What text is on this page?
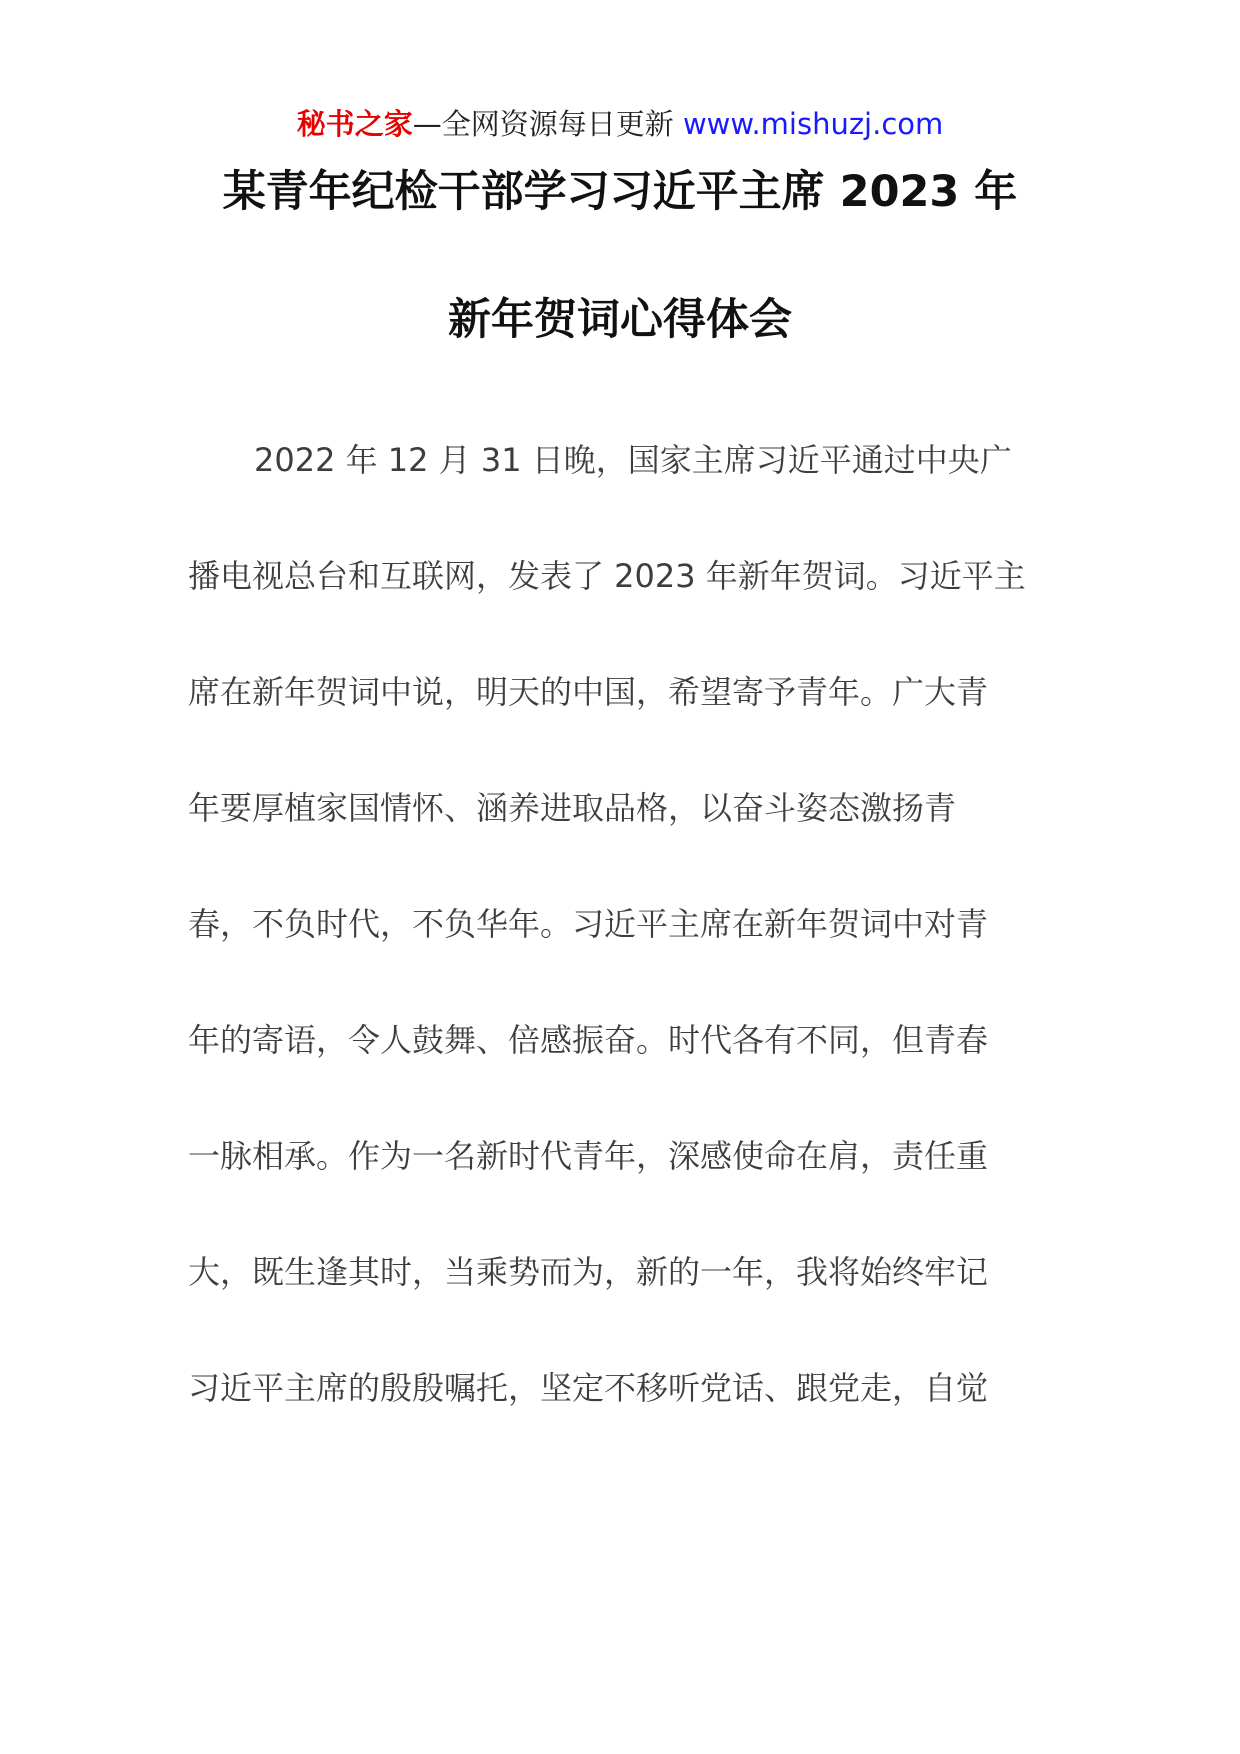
秘书之家—全网资源每日更新 www.mishuzj.com
某青年纪检干部学习习近平主席 2023 年
新年贺词心得体会
2022 年 12 月 31 日晚，国家主席习近平通过中央广
播电视总台和互联网，发表了 2023 年新年贺词。习近平主
席在新年贺词中说，明天的中国，希望寄予青年。广大青
年要厚植家国情怀、涵养进取品格，以奋斗姿态激扬青
春，不负时代，不负华年。习近平主席在新年贺词中对青
年的寄语，令人鼓舞、倍感振奋。时代各有不同，但青春
一脉相承。作为一名新时代青年，深感使命在肩，责任重
大，既生逢其时，当乘势而为，新的一年，我将始终牢记
习近平主席的殷殷嘱托，坚定不移听党话、跟党走，自觉
